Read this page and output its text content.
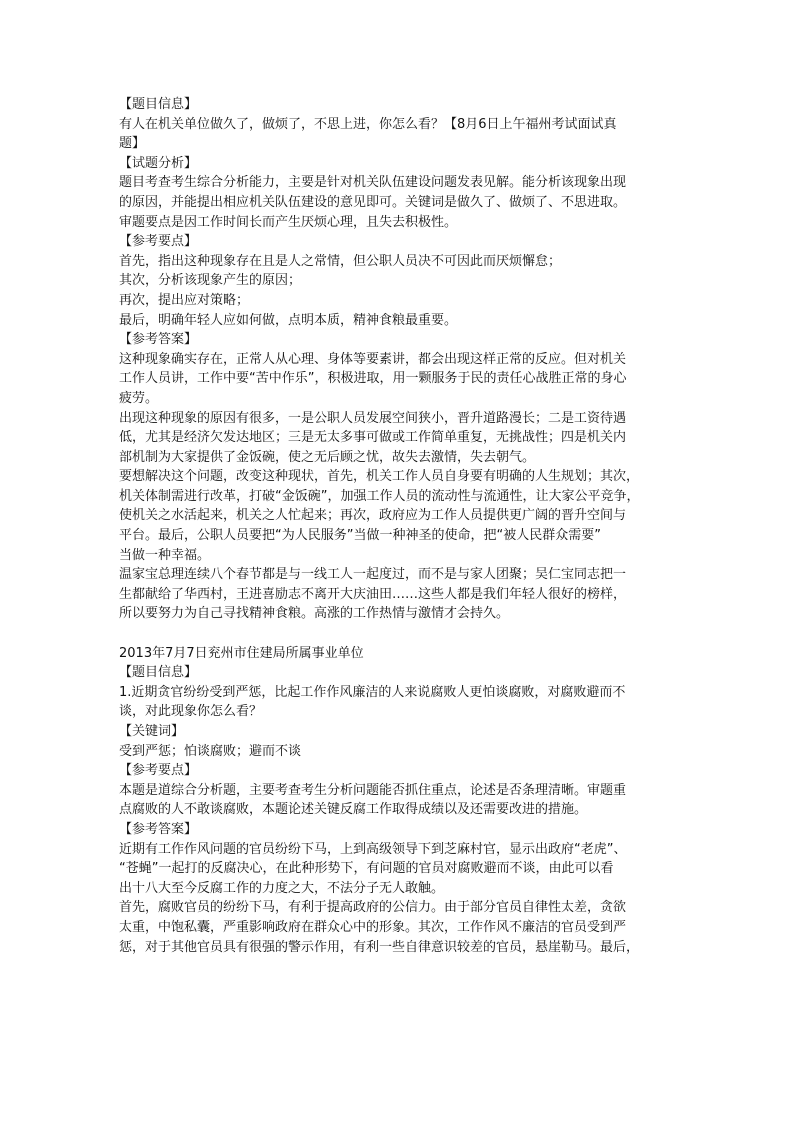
【题目信息】
有人在机关单位做久了，做烦了，不思上进，你怎么看？【8月6日上午福州考试面试真
题】
【试题分析】
题目考查考生综合分析能力，主要是针对机关队伍建设问题发表见解。能分析该现象出现
的原因，并能提出相应机关队伍建设的意见即可。关键词是做久了、做烦了、不思进取。
审题要点是因工作时间长而产生厌烦心理，且失去积极性。
【参考要点】
首先，指出这种现象存在且是人之常情，但公职人员决不可因此而厌烦懈怠；
其次，分析该现象产生的原因；
再次，提出应对策略；
最后，明确年轻人应如何做，点明本质，精神食粮最重要。
【参考答案】
这种现象确实存在，正常人从心理、身体等要素讲，都会出现这样正常的反应。但对机关
工作人员讲，工作中要“苦中作乐”，积极进取，用一颗服务于民的责任心战胜正常的身心
疲劳。
出现这种现象的原因有很多，一是公职人员发展空间狭小，晋升道路漫长；二是工资待遇
低，尤其是经济欠发达地区；三是无太多事可做或工作简单重复，无挑战性；四是机关内
部机制为大家提供了金饭碗，使之无后顾之忧，故失去激情，失去朝气。
要想解决这个问题，改变这种现状，首先，机关工作人员自身要有明确的人生规划；其次，
机关体制需进行改革，打破“金饭碗”，加强工作人员的流动性与流通性，让大家公平竞争，
使机关之水活起来，机关之人忙起来；再次，政府应为工作人员提供更广阔的晋升空间与
平台。最后，公职人员要把“为人民服务”当做一种神圣的使命，把“被人民群众需要”
当做一种幸福。
温家宝总理连续八个春节都是与一线工人一起度过，而不是与家人团聚；吴仁宝同志把一
生都献给了华西村，王进喜励志不离开大庆油田……这些人都是我们年轻人很好的榜样，
所以要努力为自己寻找精神食粮。高涨的工作热情与激情才会持久。
2013年7月7日兖州市住建局所属事业单位
【题目信息】
1.近期贪官纷纷受到严惩，比起工作作风廉洁的人来说腐败人更怕谈腐败，对腐败避而不
谈，对此现象你怎么看？
【关键词】
受到严惩；怕谈腐败；避而不谈
【参考要点】
本题是道综合分析题，主要考查考生分析问题能否抓住重点，论述是否条理清晰。审题重
点腐败的人不敢谈腐败，本题论述关键反腐工作取得成绩以及还需要改进的措施。
【参考答案】
近期有工作作风问题的官员纷纷下马，上到高级领导下到芝麻村官，显示出政府“老虎”、
“苍蝇”一起打的反腐决心，在此种形势下，有问题的官员对腐败避而不谈，由此可以看
出十八大至今反腐工作的力度之大，不法分子无人敢触。
首先，腐败官员的纷纷下马，有利于提高政府的公信力。由于部分官员自律性太差，贪欲
太重，中饱私囊，严重影响政府在群众心中的形象。其次，工作作风不廉洁的官员受到严
惩，对于其他官员具有很强的警示作用，有利一些自律意识较差的官员，悬崖勒马。最后，
